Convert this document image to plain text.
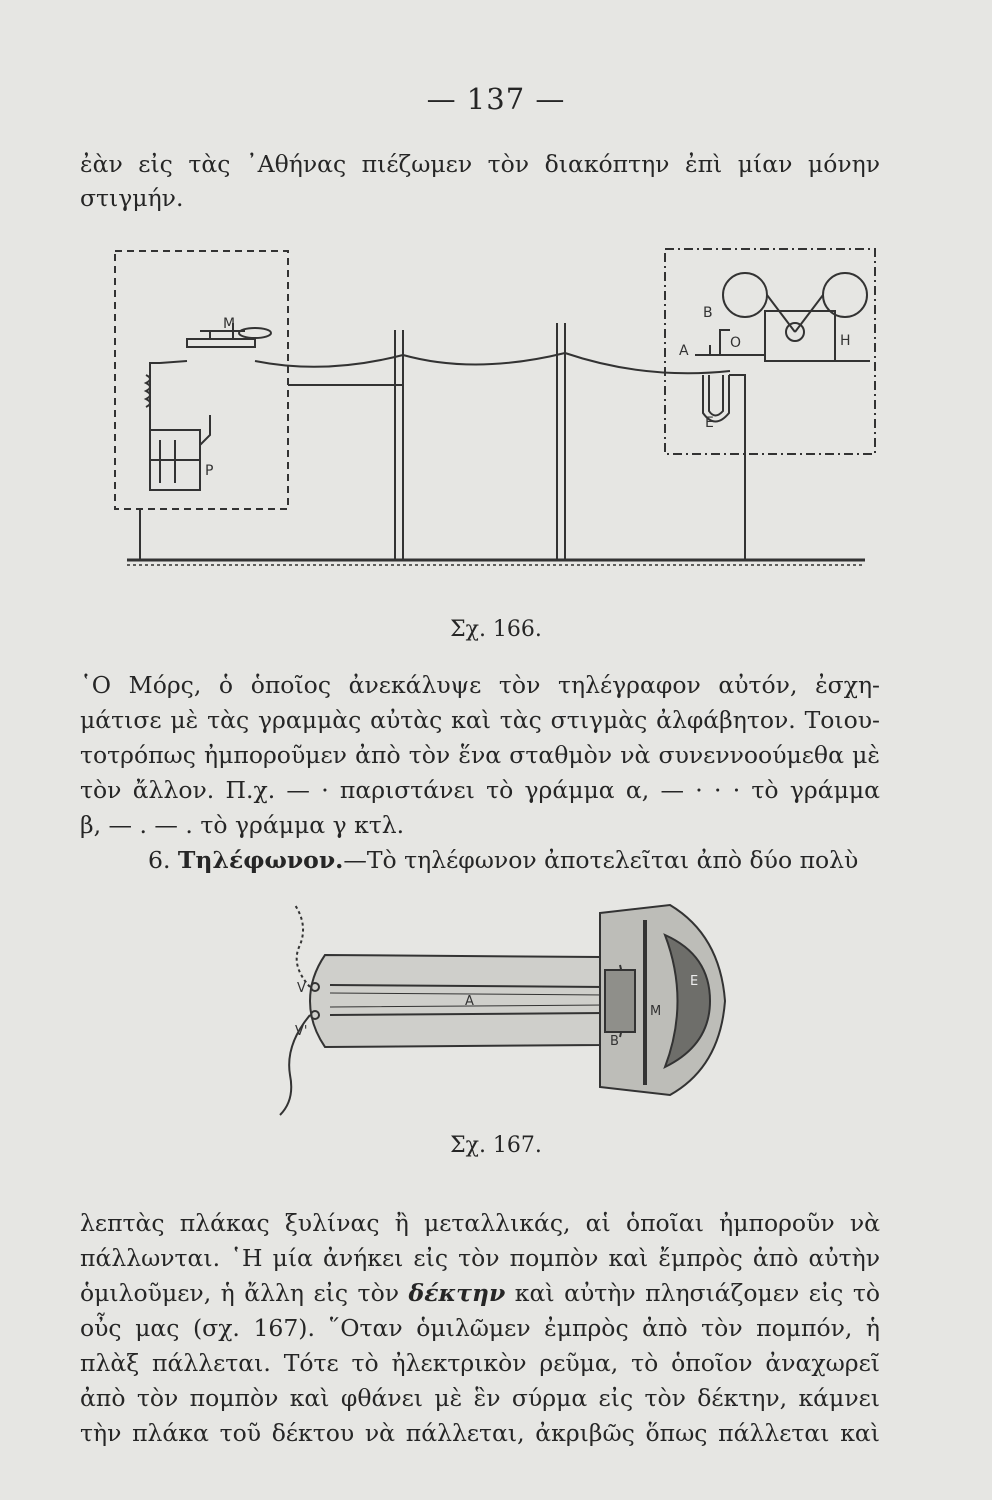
— 137 —
ἐὰν εἰς τὰς ᾿Αθήνας πιέζωμεν τὸν διακόπτην ἐπὶ μίαν μόνην
στιγμήν.
M
P
B
A	O
E
H
Σχ. 166.
῾Ο Μόρς, ὁ ὁποῖος ἀνεκάλυψε τὸν τηλέγραφον αὐτόν, ἐσχη-
μάτισε μὲ τὰς γραμμὰς αὐτὰς καὶ τὰς στιγμὰς ἀλφάβητον. Τοιου-
τοτρόπως ἠμποροῦμεν ἀπὸ τὸν ἕνα σταθμὸν νὰ συνεννοούμεθα μὲ
τὸν ἄλλον. Π.χ. — · παριστάνει τὸ γράμμα α, — · · · τὸ γράμμα
β, — . — . τὸ γράμμα γ κτλ.
6. Τηλέφωνον.—Τὸ τηλέφωνον ἀποτελεῖται ἀπὸ δύο πολὺ
V
V'
A
B
M
E
Σχ. 167.
λεπτὰς πλάκας ξυλίνας ἢ μεταλλικάς, αἱ ὁποῖαι ἠμποροῦν νὰ
πάλλωνται. ῾Η μία ἀνήκει εἰς τὸν πομπὸν καὶ ἔμπρὸς ἀπὸ αὐτὴν
ὁμιλοῦμεν, ἡ ἄλλη εἰς τὸν δέκτην καὶ αὐτὴν πλησιάζομεν εἰς τὸ
οὖς μας (σχ. 167). ῞Οταν ὁμιλῶμεν ἐμπρὸς ἀπὸ τὸν πομπόν, ἡ
πλὰξ πάλλεται. Τότε τὸ ἠλεκτρικὸν ρεῦμα, τὸ ὁποῖον ἀναχωρεῖ
ἀπὸ τὸν πομπὸν καὶ φθάνει μὲ ἓν σύρμα εἰς τὸν δέκτην, κάμνει
τὴν πλάκα τοῦ δέκτου νὰ πάλλεται, ἀκριβῶς ὅπως πάλλεται καὶ
